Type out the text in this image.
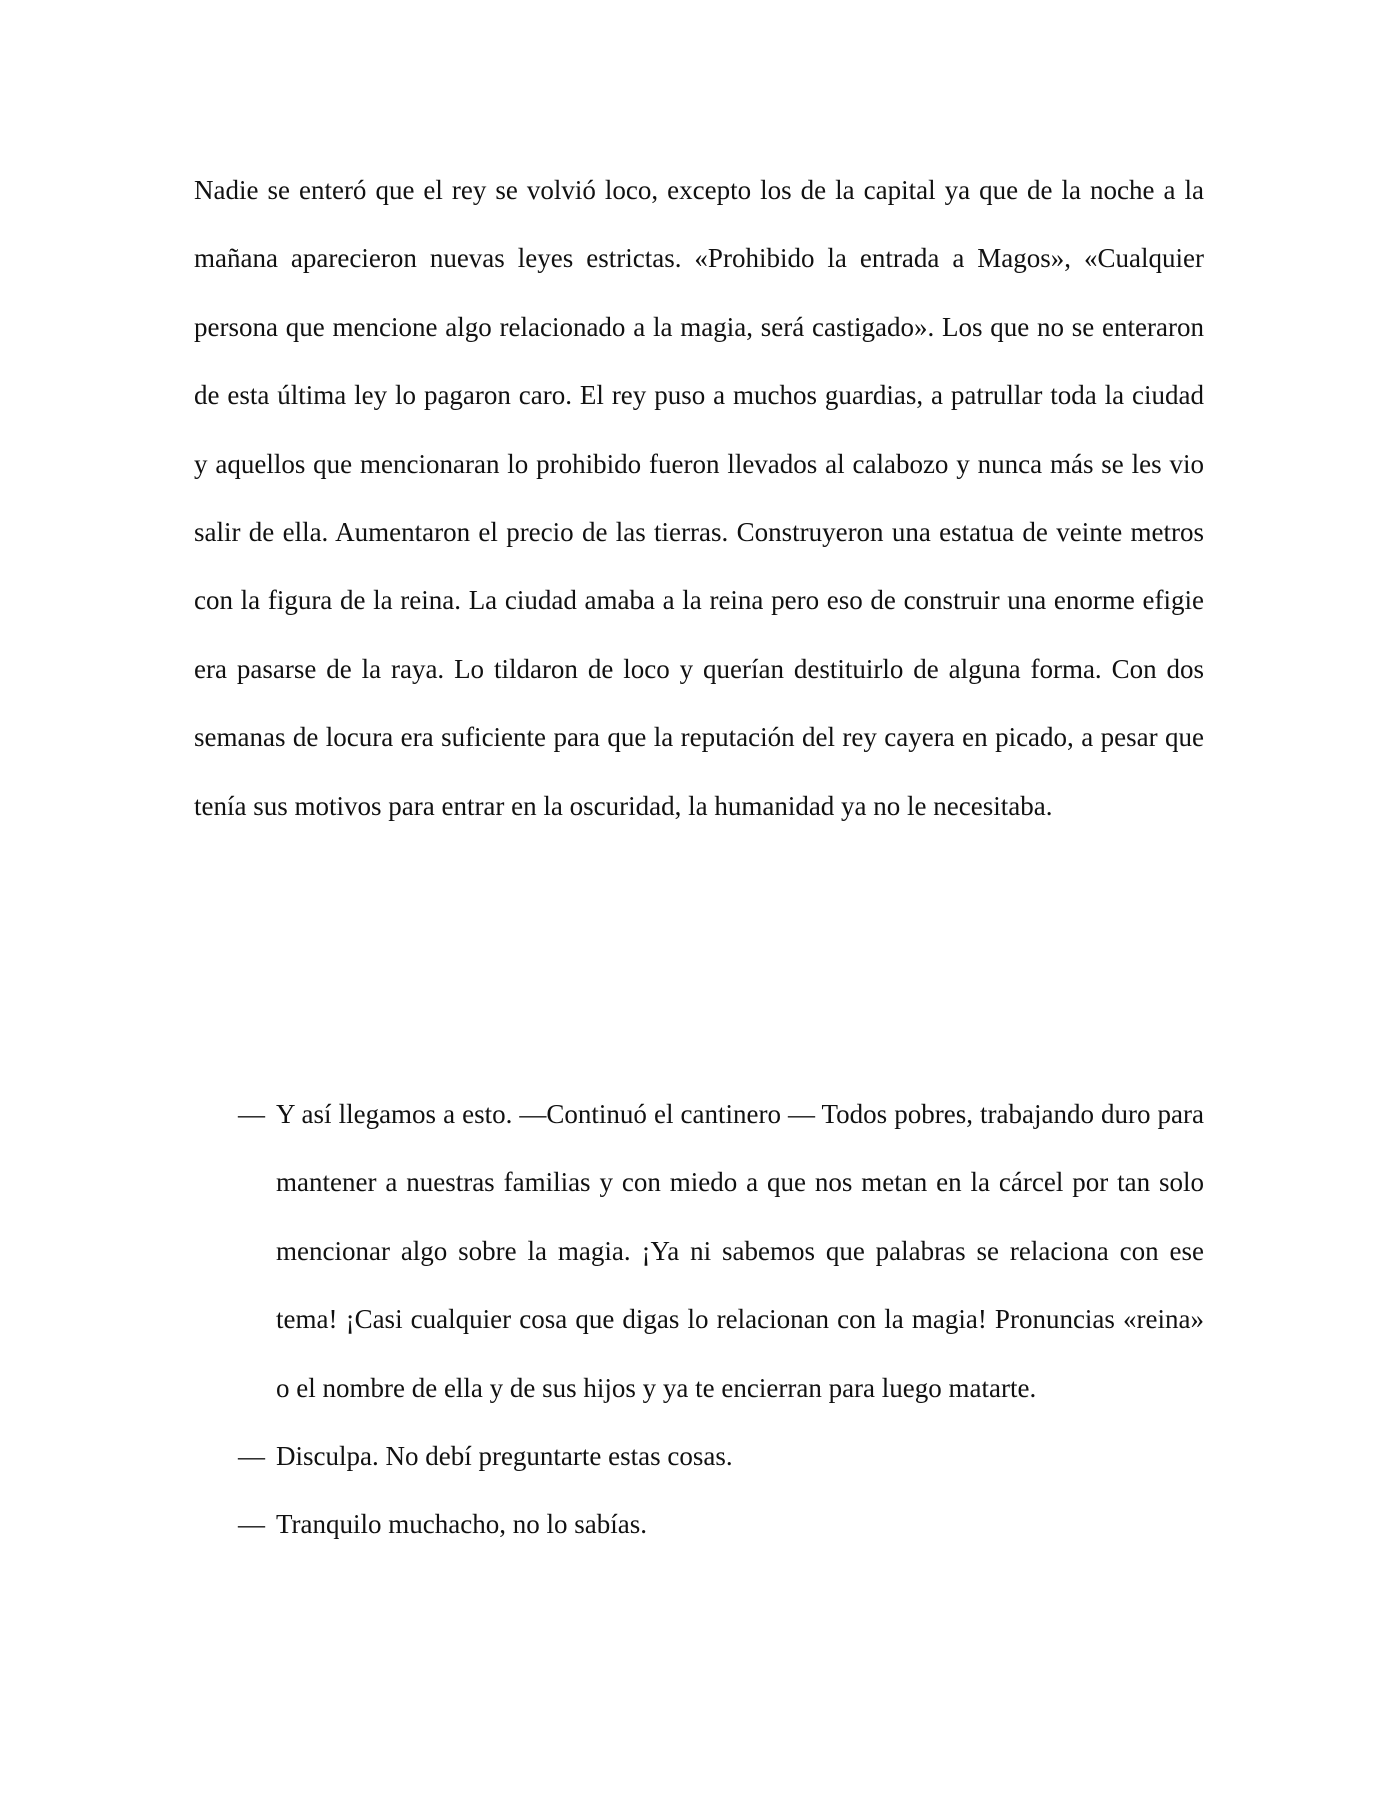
Nadie se enteró que el rey se volvió loco, excepto los de la capital ya que de la noche a la mañana aparecieron nuevas leyes estrictas. «Prohibido la entrada a Magos», «Cualquier persona que mencione algo relacionado a la magia, será castigado». Los que no se enteraron de esta última ley lo pagaron caro. El rey puso a muchos guardias, a patrullar toda la ciudad y aquellos que mencionaran lo prohibido fueron llevados al calabozo y nunca más se les vio salir de ella. Aumentaron el precio de las tierras. Construyeron una estatua de veinte metros con la figura de la reina. La ciudad amaba a la reina pero eso de construir una enorme efigie era pasarse de la raya. Lo tildaron de loco y querían destituirlo de alguna forma. Con dos semanas de locura era suficiente para que la reputación del rey cayera en picado, a pesar que tenía sus motivos para entrar en la oscuridad, la humanidad ya no le necesitaba.

— Y así llegamos a esto. —Continuó el cantinero — Todos pobres, trabajando duro para mantener a nuestras familias y con miedo a que nos metan en la cárcel por tan solo mencionar algo sobre la magia. ¡Ya ni sabemos que palabras se relaciona con ese tema! ¡Casi cualquier cosa que digas lo relacionan con la magia! Pronuncias «reina» o el nombre de ella y de sus hijos y ya te encierran para luego matarte.
— Disculpa. No debí preguntarte estas cosas.
— Tranquilo muchacho, no lo sabías.
